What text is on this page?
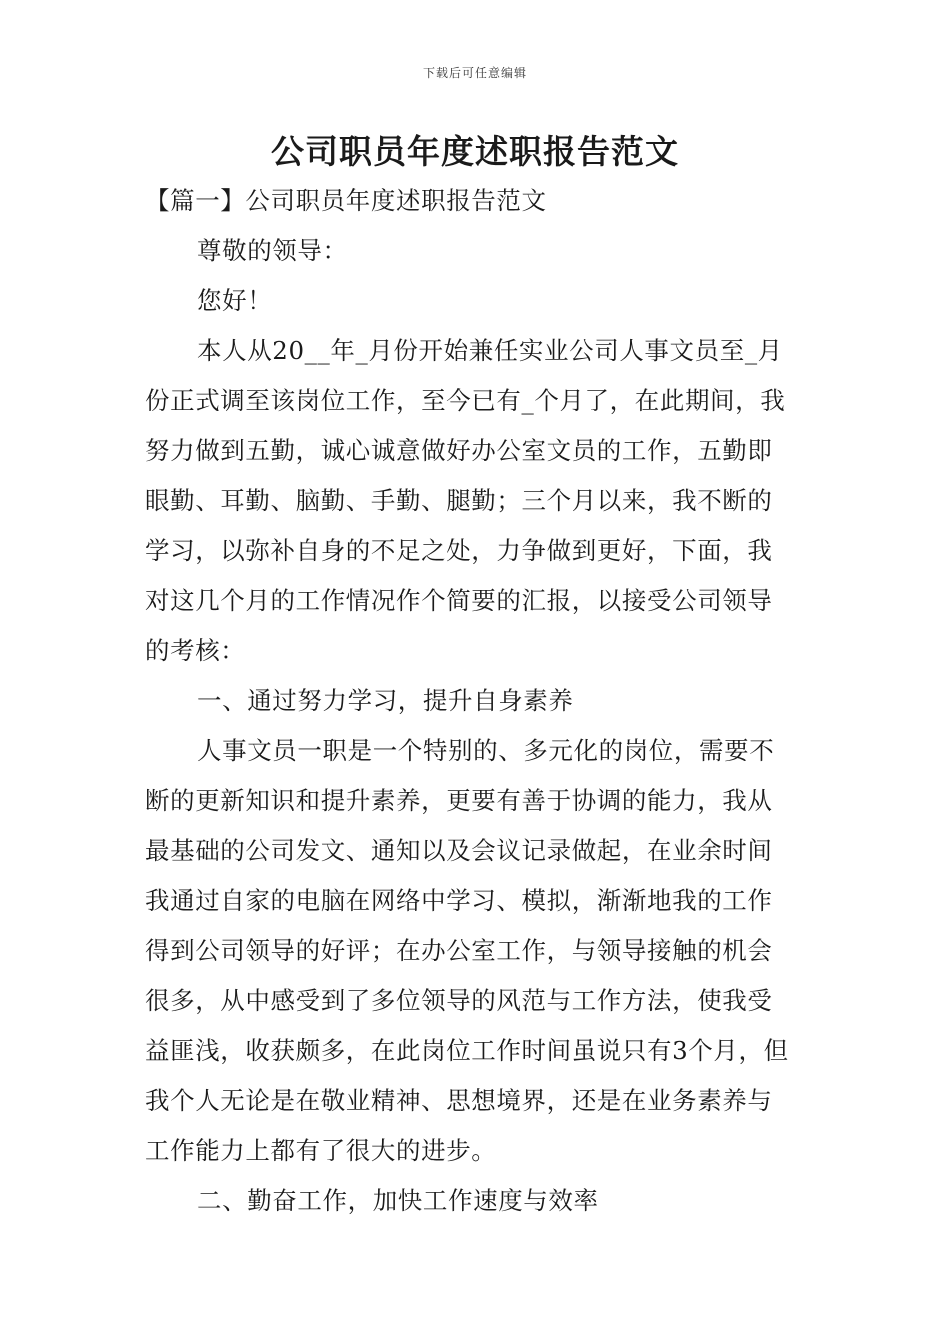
下载后可任意编辑
公司职员年度述职报告范文
【篇一】公司职员年度述职报告范文
尊敬的领导：
您好！
本人从20__年_月份开始兼任实业公司人事文员至_月
份正式调至该岗位工作，至今已有_个月了，在此期间，我
努力做到五勤，诚心诚意做好办公室文员的工作，五勤即
眼勤、耳勤、脑勤、手勤、腿勤；三个月以来，我不断的
学习，以弥补自身的不足之处，力争做到更好，下面，我
对这几个月的工作情况作个简要的汇报，以接受公司领导
的考核：
一、通过努力学习，提升自身素养
人事文员一职是一个特别的、多元化的岗位，需要不
断的更新知识和提升素养，更要有善于协调的能力，我从
最基础的公司发文、通知以及会议记录做起，在业余时间
我通过自家的电脑在网络中学习、模拟，渐渐地我的工作
得到公司领导的好评；在办公室工作，与领导接触的机会
很多，从中感受到了多位领导的风范与工作方法，使我受
益匪浅，收获颇多，在此岗位工作时间虽说只有3个月，但
我个人无论是在敬业精神、思想境界，还是在业务素养与
工作能力上都有了很大的进步。
二、勤奋工作，加快工作速度与效率
